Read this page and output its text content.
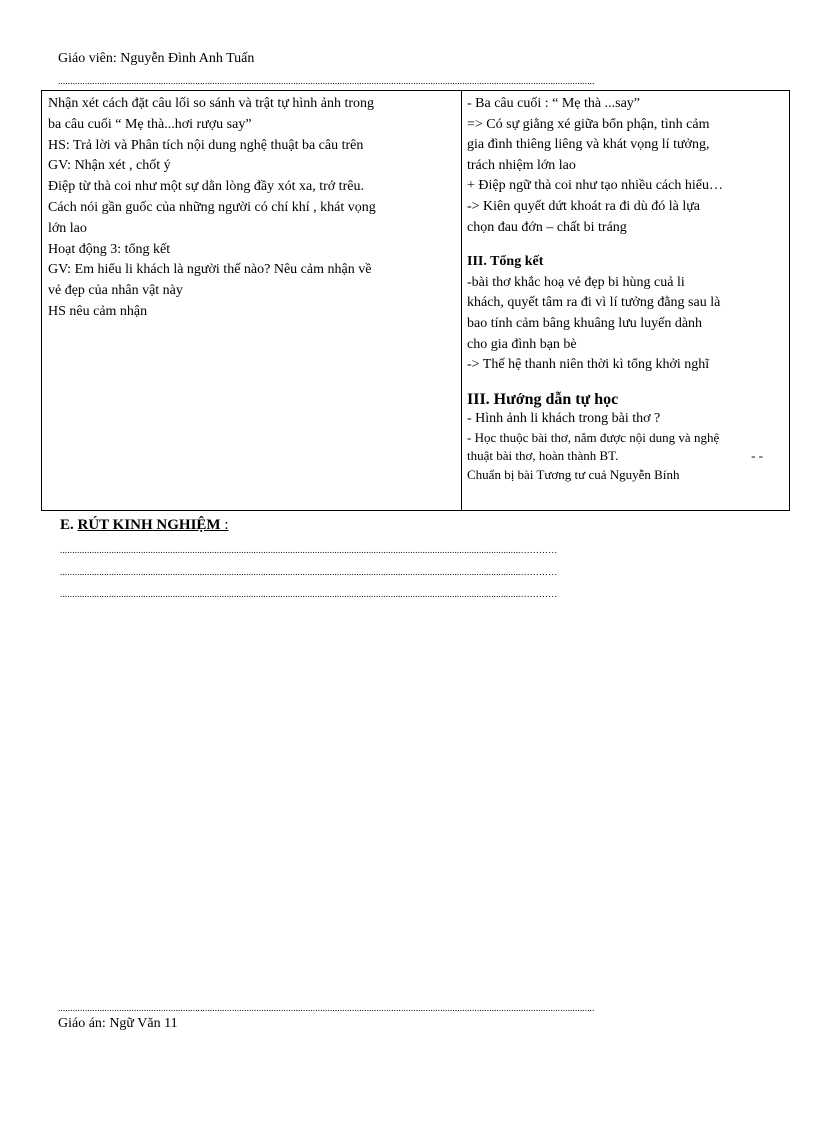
Giáo viên: Nguyễn Đình Anh Tuấn
...........................................................................................................................................................................................................................
Nhận xét cách đặt câu lối so sánh và trật tự hình ảnh trong
ba câu cuối “ Mẹ thà...hơi rượu say”
HS: Trả lời và Phân tích nội dung nghệ thuật ba câu trên
GV: Nhận xét , chốt ý
Điệp từ thà coi như một sự dằn lòng đầy xót xa, trớ trêu.
Cách nói gần guốc của những người có chí khí , khát vọng
lớn lao
Hoạt động 3: tổng kết
GV: Em hiểu li khách là người thế nào? Nêu cảm nhận về
vẻ đẹp của nhân vật này
HS nêu cảm nhận
- Ba câu cuối : “ Mẹ thà ...say”
=> Có sự giằng xé giữa bổn phận, tình cảm
gia đình thiêng liêng và khát vọng lí tưởng,
trách nhiệm lớn lao
+ Điệp ngữ thà coi như tạo nhiều cách hiểu…
-> Kiên quyết dứt khoát ra đi dù đó là lựa
chọn đau đớn – chất bi tráng
III. Tổng kết
-bài thơ khắc hoạ vẻ đẹp bi hùng cuả li
khách, quyết tâm ra đi vì lí tưởng đằng sau là
bao tính cảm bâng khuâng lưu luyến dành
cho gia đình bạn bè
-> Thế hệ thanh niên thời kì tổng khởi nghĩ
III. Hướng dẫn tự học
- Hình ảnh li khách trong bài thơ ?
- Học thuộc bài thơ, nắm được nội dung và nghệ
thuật bài thơ, hoàn thành BT.	- -
Chuẩn bị bài Tương tư cuả Nguyễn Bính
E. RÚT KINH NGHIỆM :
............................................................................................................................................................................................…………
............................................................................................................................................................................................…………
............................................................................................................................................................................................…………
...........................................................................................................................................................................................................................
Giáo án: Ngữ Văn 11
